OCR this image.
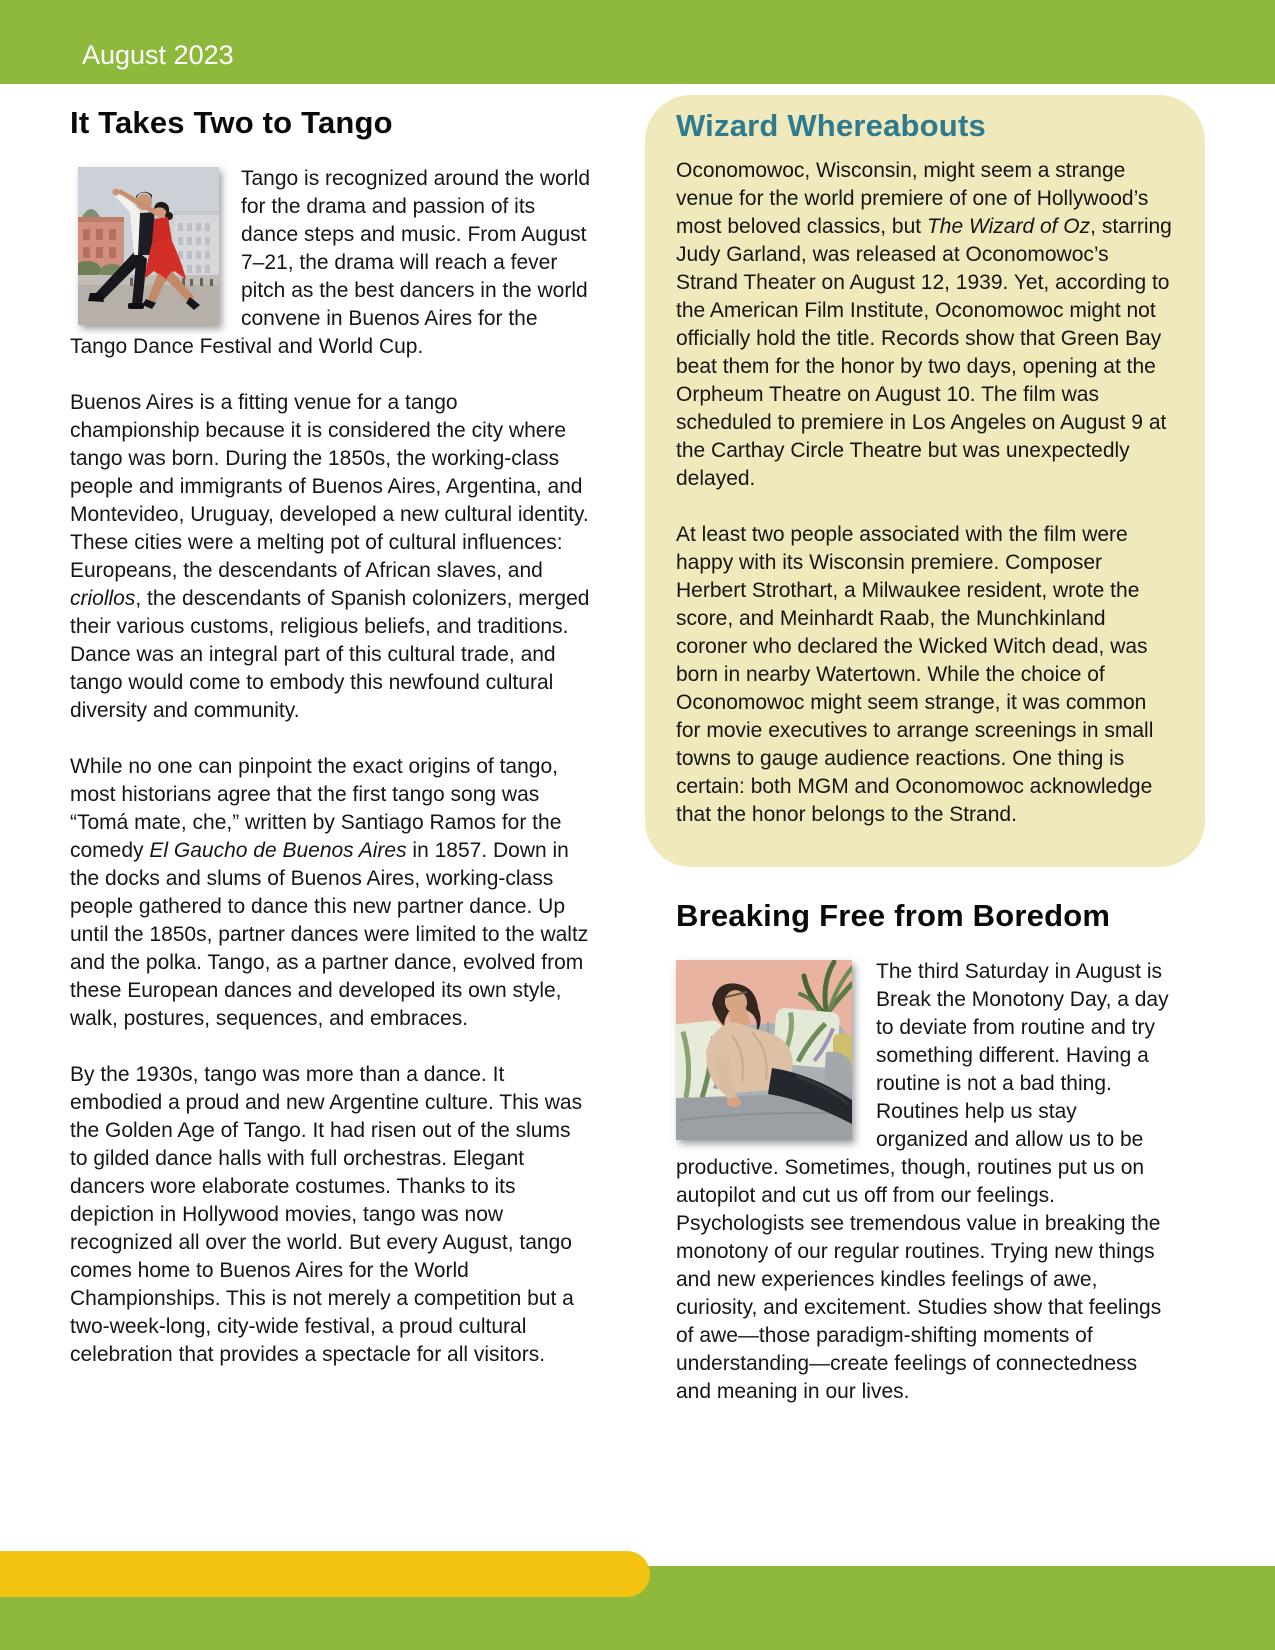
August 2023
It Takes Two to Tango

Tango is recognized around the world for the drama and passion of its dance steps and music. From August 7–21, the drama will reach a fever pitch as the best dancers in the world convene in Buenos Aires for the Tango Dance Festival and World Cup.

Buenos Aires is a fitting venue for a tango championship because it is considered the city where tango was born. During the 1850s, the working-class people and immigrants of Buenos Aires, Argentina, and Montevideo, Uruguay, developed a new cultural identity. These cities were a melting pot of cultural influences: Europeans, the descendants of African slaves, and criollos, the descendants of Spanish colonizers, merged their various customs, religious beliefs, and traditions. Dance was an integral part of this cultural trade, and tango would come to embody this newfound cultural diversity and community.

While no one can pinpoint the exact origins of tango, most historians agree that the first tango song was “Tomá mate, che,” written by Santiago Ramos for the comedy El Gaucho de Buenos Aires in 1857. Down in the docks and slums of Buenos Aires, working-class people gathered to dance this new partner dance. Up until the 1850s, partner dances were limited to the waltz and the polka. Tango, as a partner dance, evolved from these European dances and developed its own style, walk, postures, sequences, and embraces.

By the 1930s, tango was more than a dance. It embodied a proud and new Argentine culture. This was the Golden Age of Tango. It had risen out of the slums to gilded dance halls with full orchestras. Elegant dancers wore elaborate costumes. Thanks to its depiction in Hollywood movies, tango was now recognized all over the world. But every August, tango comes home to Buenos Aires for the World Championships. This is not merely a competition but a two-week-long, city-wide festival, a proud cultural celebration that provides a spectacle for all visitors.

Wizard Whereabouts

Oconomowoc, Wisconsin, might seem a strange venue for the world premiere of one of Hollywood’s most beloved classics, but The Wizard of Oz, starring Judy Garland, was released at Oconomowoc’s Strand Theater on August 12, 1939. Yet, according to the American Film Institute, Oconomowoc might not officially hold the title. Records show that Green Bay beat them for the honor by two days, opening at the Orpheum Theatre on August 10. The film was scheduled to premiere in Los Angeles on August 9 at the Carthay Circle Theatre but was unexpectedly delayed.

At least two people associated with the film were happy with its Wisconsin premiere. Composer Herbert Strothart, a Milwaukee resident, wrote the score, and Meinhardt Raab, the Munchkinland coroner who declared the Wicked Witch dead, was born in nearby Watertown. While the choice of Oconomowoc might seem strange, it was common for movie executives to arrange screenings in small towns to gauge audience reactions. One thing is certain: both MGM and Oconomowoc acknowledge that the honor belongs to the Strand.

Breaking Free from Boredom

The third Saturday in August is Break the Monotony Day, a day to deviate from routine and try something different. Having a routine is not a bad thing. Routines help us stay organized and allow us to be productive. Sometimes, though, routines put us on autopilot and cut us off from our feelings. Psychologists see tremendous value in breaking the monotony of our regular routines. Trying new things and new experiences kindles feelings of awe, curiosity, and excitement. Studies show that feelings of awe—those paradigm-shifting moments of understanding—create feelings of connectedness and meaning in our lives.
